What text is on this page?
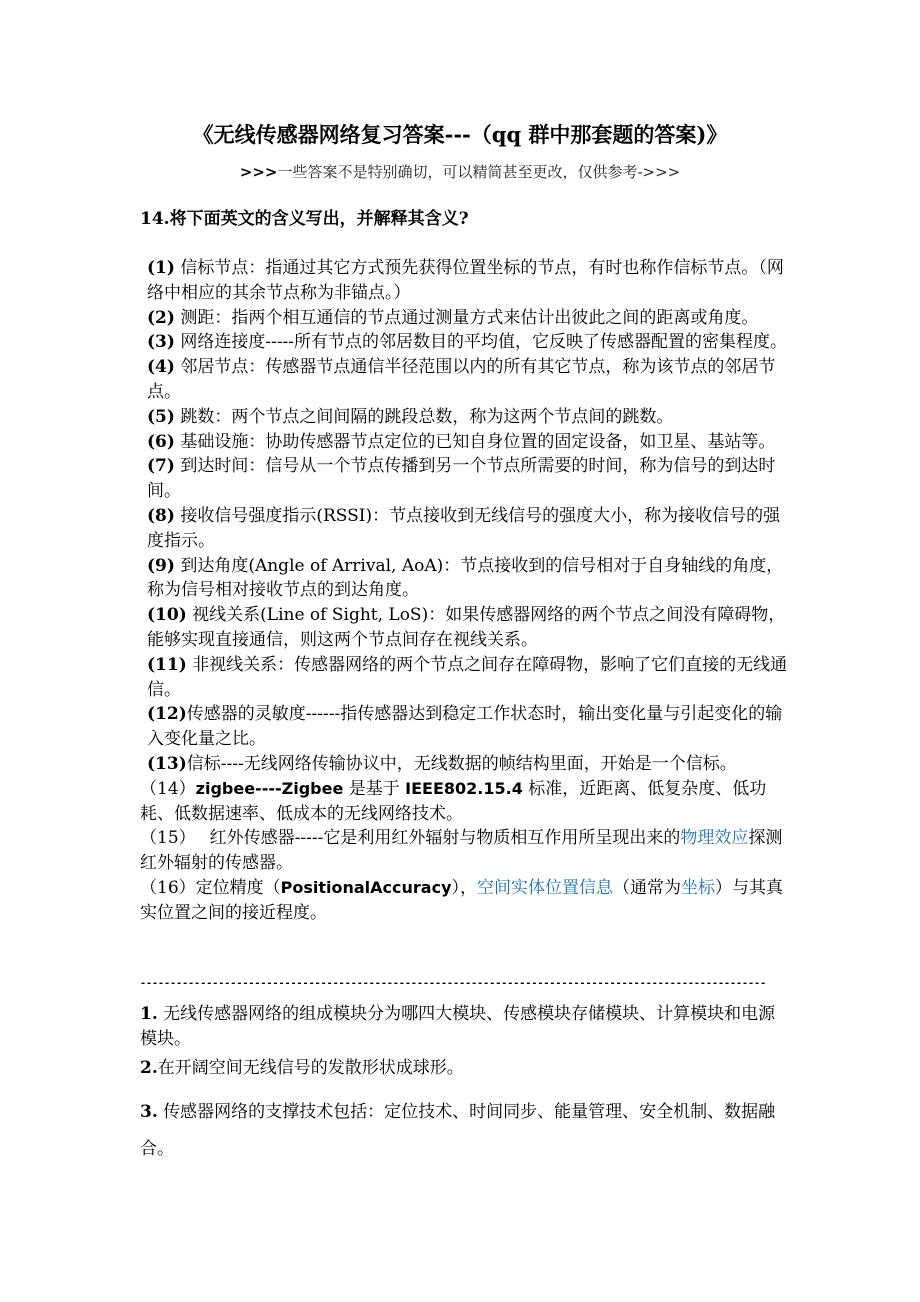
《无线传感器网络复习答案---（qq 群中那套题的答案)》
>>>一些答案不是特别确切，可以精简甚至更改，仅供参考->>>
14.将下面英文的含义写出，并解释其含义?

(1) 信标节点：指通过其它方式预先获得位置坐标的节点，有时也称作信标节点。（网络中相应的其余节点称为非锚点。）

(2) 测距：指两个相互通信的节点通过测量方式来估计出彼此之间的距离或角度。

(3) 网络连接度-----所有节点的邻居数目的平均值，它反映了传感器配置的密集程度。

(4) 邻居节点：传感器节点通信半径范围以内的所有其它节点，称为该节点的邻居节点。

(5) 跳数：两个节点之间间隔的跳段总数，称为这两个节点间的跳数。

(6) 基础设施：协助传感器节点定位的已知自身位置的固定设备，如卫星、基站等。

(7) 到达时间：信号从一个节点传播到另一个节点所需要的时间，称为信号的到达时间。

(8) 接收信号强度指示(RSSI)：节点接收到无线信号的强度大小，称为接收信号的强度指示。

(9) 到达角度(Angle of Arrival, AoA)：节点接收到的信号相对于自身轴线的角度，称为信号相对接收节点的到达角度。

(10) 视线关系(Line of Sight, LoS)：如果传感器网络的两个节点之间没有障碍物，能够实现直接通信，则这两个节点间存在视线关系。

(11) 非视线关系：传感器网络的两个节点之间存在障碍物，影响了它们直接的无线通信。

(12)传感器的灵敏度------指传感器达到稳定工作状态时，输出变化量与引起变化的输入变化量之比。

(13)信标----无线网络传输协议中，无线数据的帧结构里面，开始是一个信标。

（14）zigbee----Zigbee 是基于 IEEE802.15.4 标准，近距离、低复杂度、低功耗、低数据速率、低成本的无线网络技术。

（15） 红外传感器-----它是利用红外辐射与物质相互作用所呈现出来的物理效应探测红外辐射的传感器。

（16）定位精度（PositionalAccuracy），空间实体位置信息（通常为坐标）与其真实位置之间的接近程度。

--------------------------------------------------------------------------------------------------------

1. 无线传感器网络的组成模块分为哪四大模块、传感模块存储模块、计算模块和电源模块。

2.在开阔空间无线信号的发散形状成球形。

3. 传感器网络的支撑技术包括：定位技术、时间同步、能量管理、安全机制、数据融合。
